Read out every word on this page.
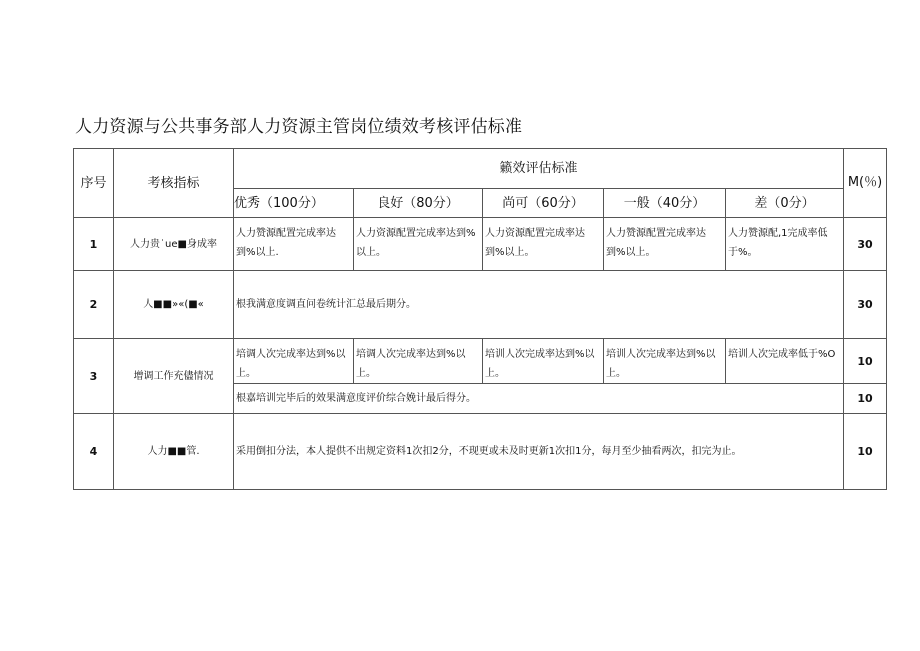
人力资源与公共事务部人力资源主管岗位绩效考核评估标准
序号	考核指标	籁效评估标准					M(％)
		优秀（100分）	良好（80分）	尚可（60分）	一般（40分）	差（0分）	
1	人力贵˙ue■身成率	人力赞源配置完成率达到%以上.	人力资源配置完成率达到%以上。	人力资源配置完成率达到%以上。	人力赞源配置完成率达到%以上。	人力赞源配,1完成率低于%。	30
2	人■■»«(■«	根我满意度调直问卷统计汇总最后期分。					30
3	增调工作充儘情况	培调人次完成率达到%以上。	培调人次完成率达到%以上。	培训人次完成率达到%以上。	培训人次完成率达到%以上。	培训人次完成率低于%O	10
		根嘉培训完毕后的效果满意度评价综合娩计最后得分。					10
4	人力■■管.	采用倒扣分法，本人提供不出规定资料1次扣2分，不现更或未及时更新1次扣1分，每月至少抽看两次，扣完为止。					10
